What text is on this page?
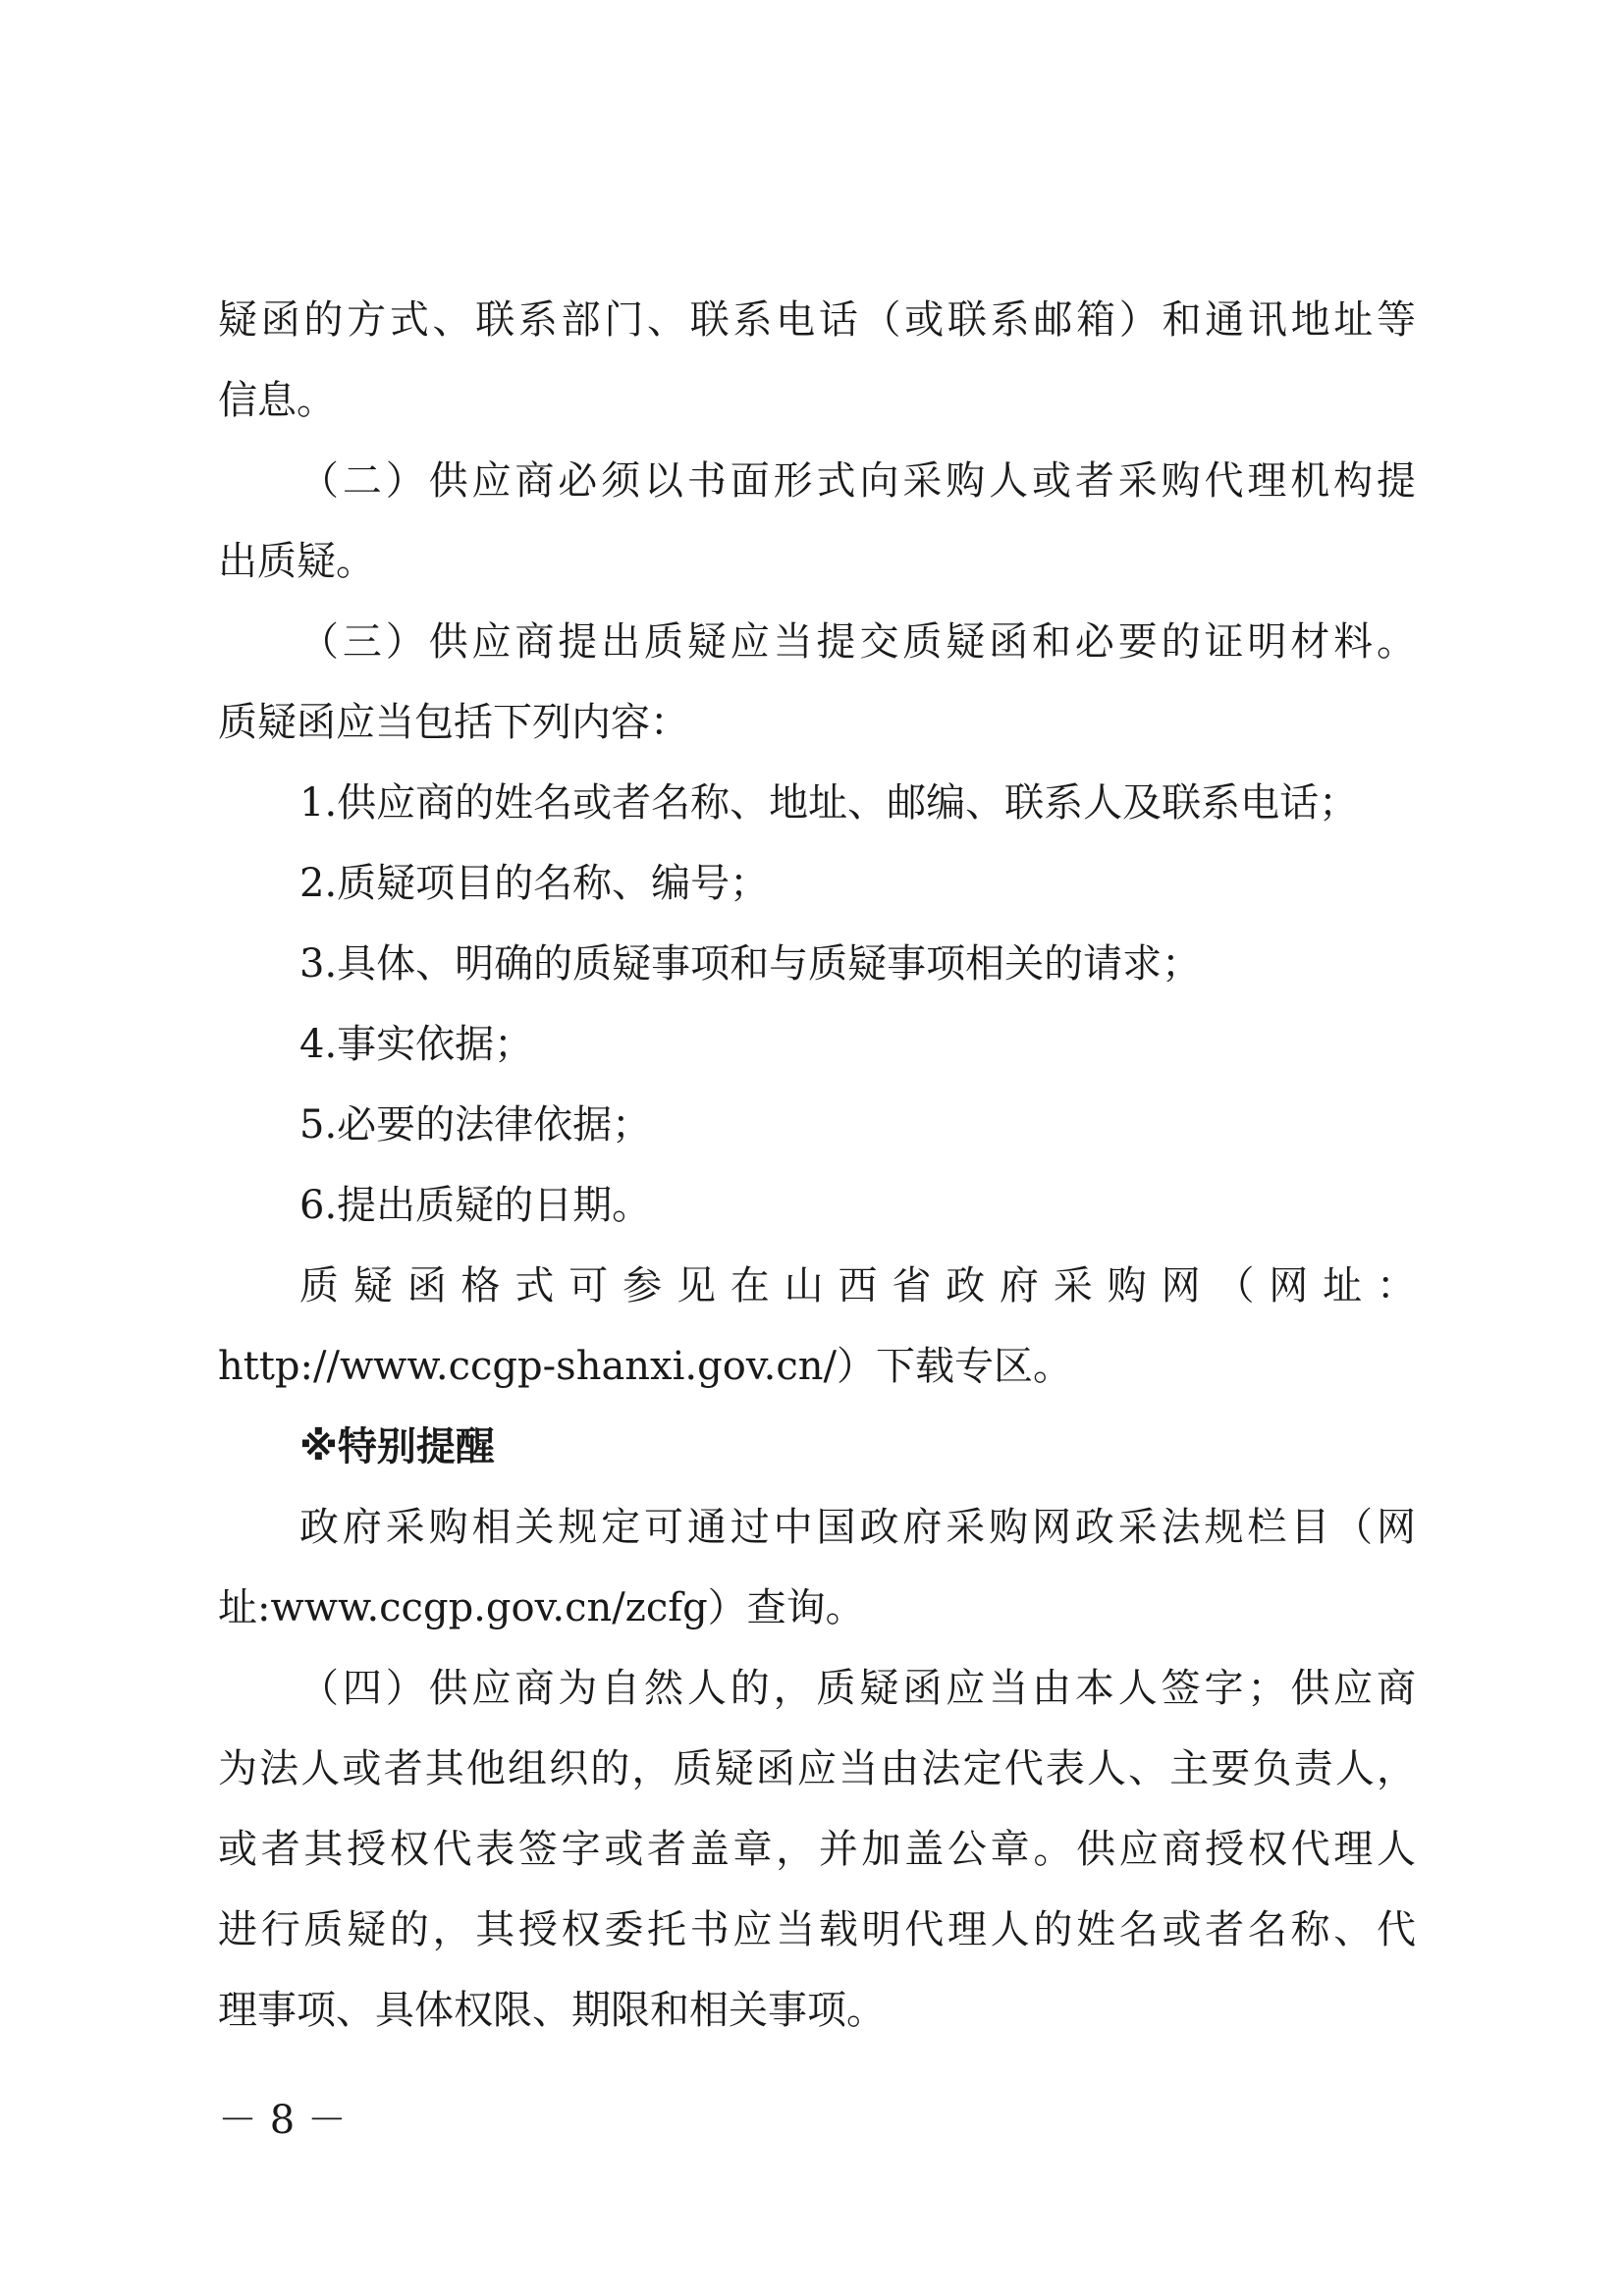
疑函的方式、联系部门、联系电话（或联系邮箱）和通讯地址等

信息。

（二）供应商必须以书面形式向采购人或者采购代理机构提

出质疑。

（三）供应商提出质疑应当提交质疑函和必要的证明材料。

质疑函应当包括下列内容：

1.供应商的姓名或者名称、地址、邮编、联系人及联系电话；

2.质疑项目的名称、编号；

3.具体、明确的质疑事项和与质疑事项相关的请求；

4.事实依据；

5.必要的法律依据；

6.提出质疑的日期。

质疑函格式可参见在山西省政府采购网（网址：

http://www.ccgp-shanxi.gov.cn/）下载专区。

※特别提醒

政府采购相关规定可通过中国政府采购网政采法规栏目（网

址:www.ccgp.gov.cn/zcfg）查询。

（四）供应商为自然人的，质疑函应当由本人签字；供应商

为法人或者其他组织的，质疑函应当由法定代表人、主要负责人，

或者其授权代表签字或者盖章，并加盖公章。供应商授权代理人

进行质疑的，其授权委托书应当载明代理人的姓名或者名称、代

理事项、具体权限、期限和相关事项。

－ 8 －
